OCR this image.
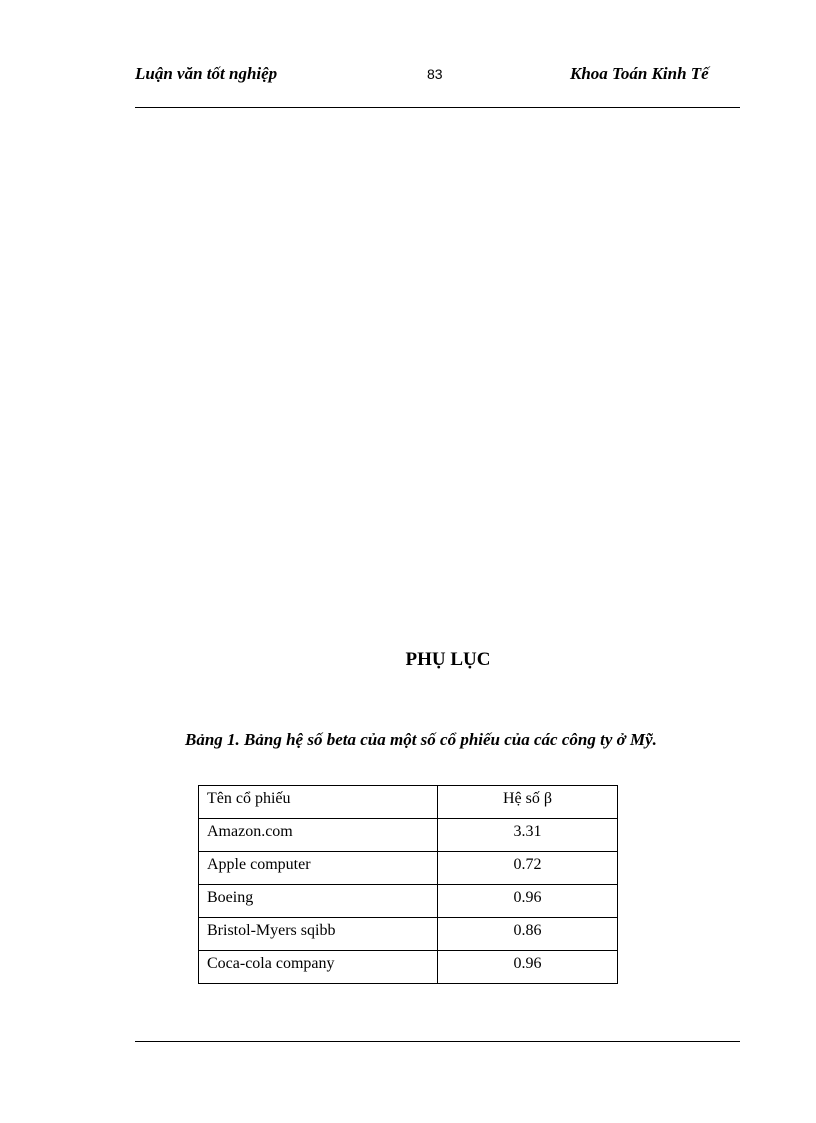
Luận văn tốt nghiệp	83	Khoa Toán Kinh Tế
PHỤ LỤC
Bảng 1. Bảng hệ số beta của một số cổ phiếu của các công ty ở Mỹ.
Tên cổ phiếu	Hệ số β
Amazon.com	3.31
Apple computer	0.72
Boeing	0.96
Bristol-Myers sqibb	0.86
Coca-cola company	0.96
